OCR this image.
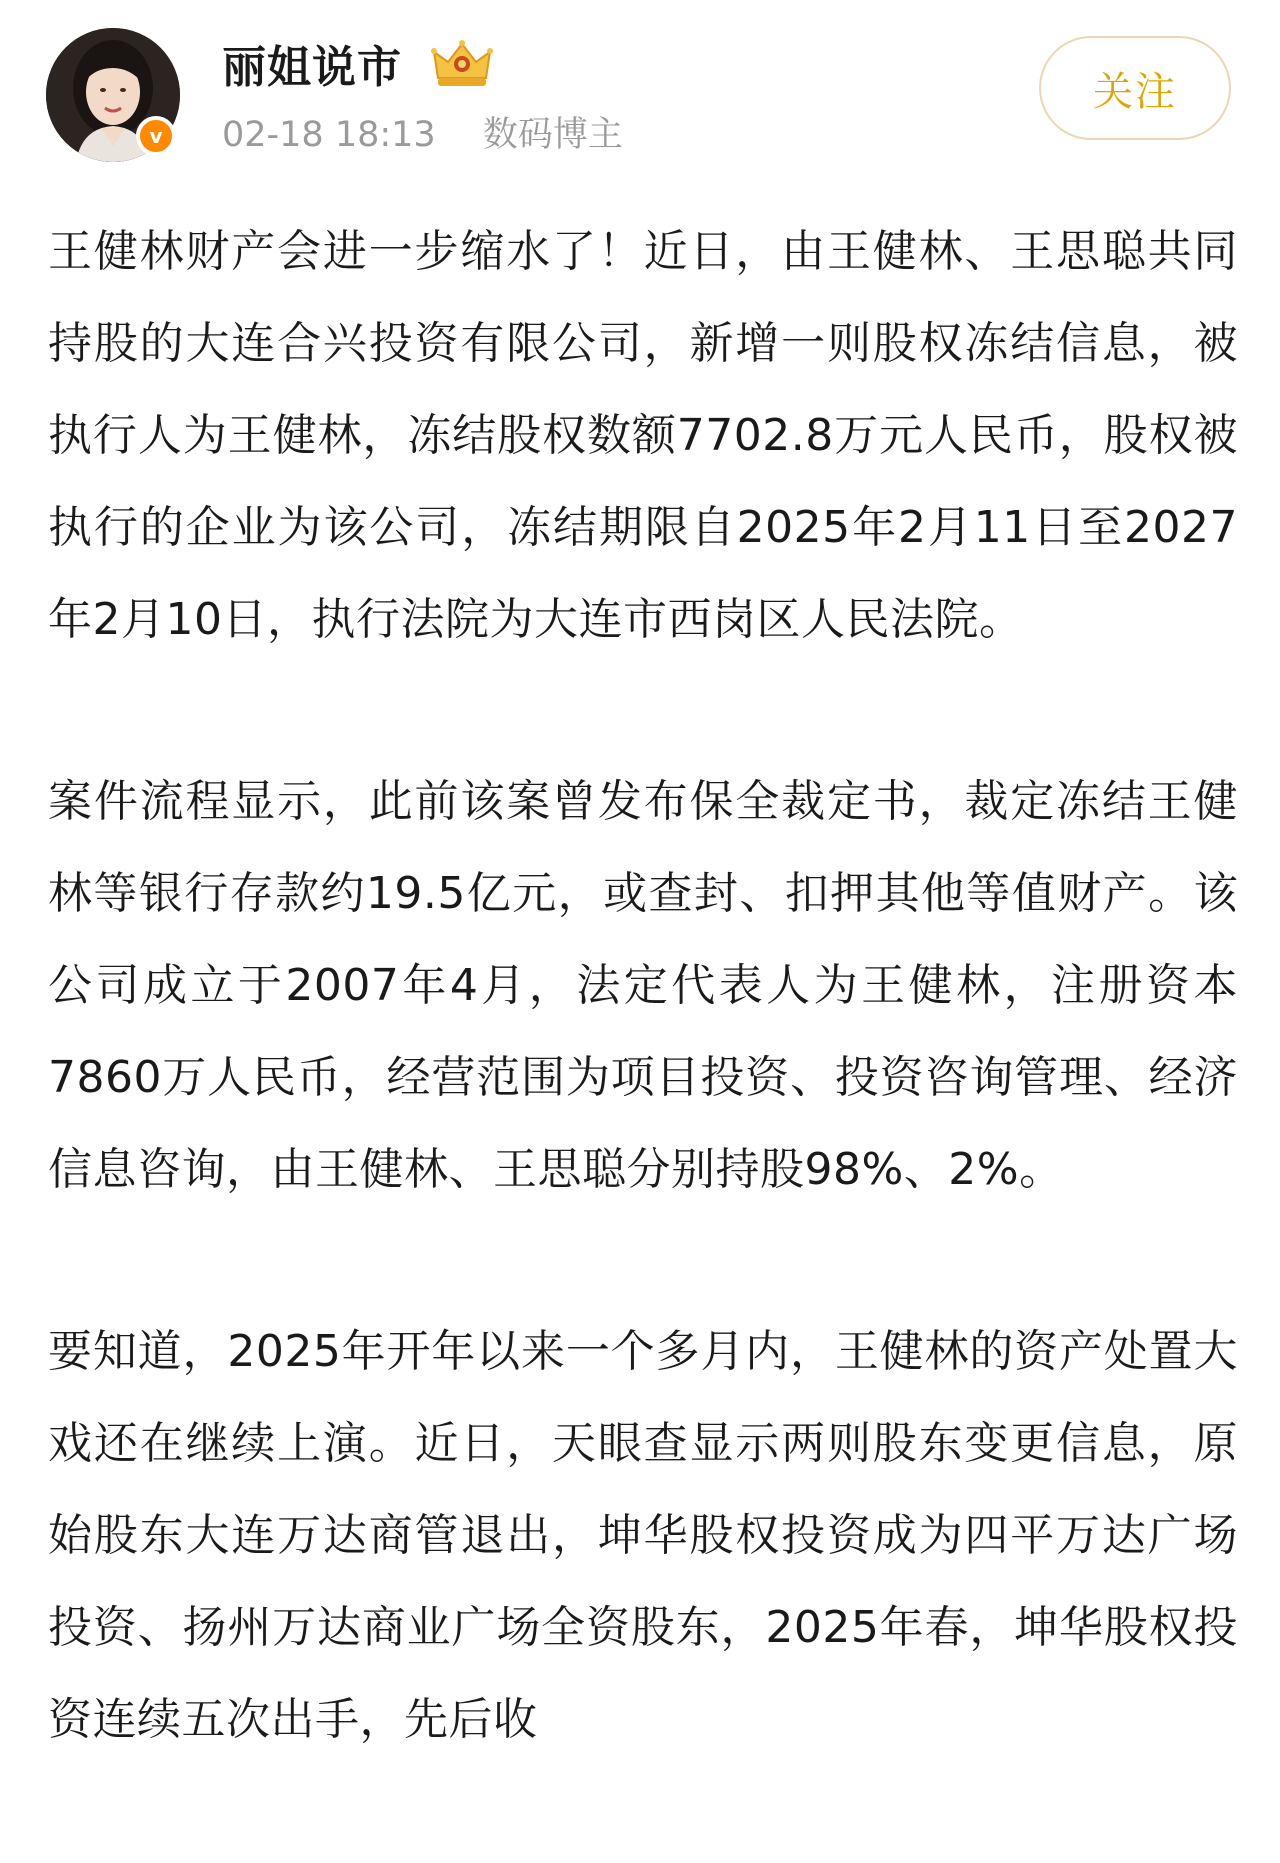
v
丽姐说市
02-18 18:13 数码博主
关注

王健林财产会进一步缩水了！近日，由王健林、王思聪共同持股的大连合兴投资有限公司，新增一则股权冻结信息，被执行人为王健林，冻结股权数额7702.8万元人民币，股权被执行的企业为该公司，冻结期限自2025年2月11日至2027年2月10日，执行法院为大连市西岗区人民法院。

案件流程显示，此前该案曾发布保全裁定书，裁定冻结王健林等银行存款约19.5亿元，或查封、扣押其他等值财产。该公司成立于2007年4月，法定代表人为王健林，注册资本7860万人民币，经营范围为项目投资、投资咨询管理、经济信息咨询，由王健林、王思聪分别持股98%、2%。

要知道，2025年开年以来一个多月内，王健林的资产处置大戏还在继续上演。近日，天眼查显示两则股东变更信息，原始股东大连万达商管退出，坤华股权投资成为四平万达广场投资、扬州万达商业广场全资股东，2025年春，坤华股权投资连续五次出手，先后收
